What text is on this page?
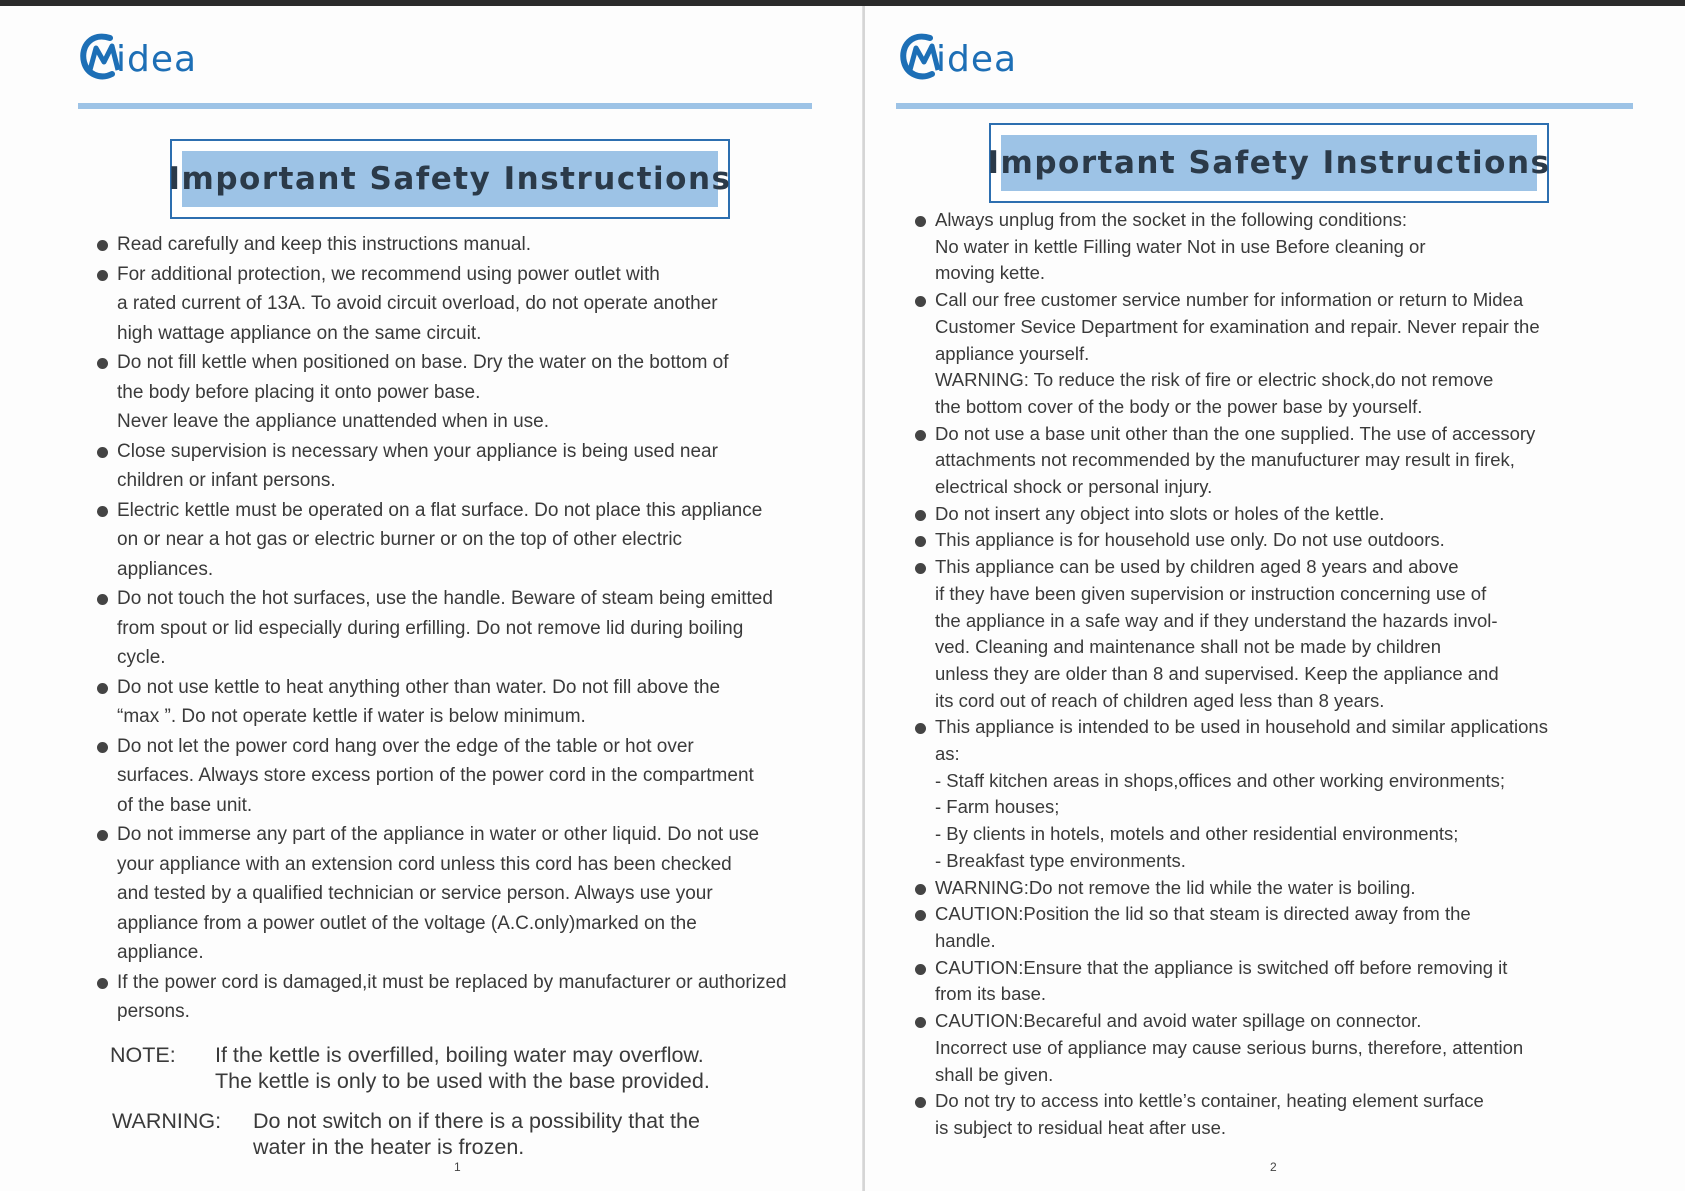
idea
Important Safety Instructions
Read carefully and keep this instructions manual.
For additional protection, we recommend using power outlet with
a rated current of 13A. To avoid circuit overload, do not operate another
high wattage appliance on the same circuit.
Do not fill kettle when positioned on base. Dry the water on the bottom of
the body before placing it onto power base.
Never leave the appliance unattended when in use.
Close supervision is necessary when your appliance is being used near
children or infant persons.
Electric kettle must be operated on a flat surface. Do not place this appliance
on or near a hot gas or electric burner or on the top of other electric
appliances.
Do not touch the hot surfaces, use the handle. Beware of steam being emitted
from spout or lid especially during erfilling. Do not remove lid during boiling
cycle.
Do not use kettle to heat anything other than water. Do not fill above the
“max ”. Do not operate kettle if water is below minimum.
Do not let the power cord hang over the edge of the table or hot over
surfaces. Always store excess portion of the power cord in the compartment
of the base unit.
Do not immerse any part of the appliance in water or other liquid. Do not use
your appliance with an extension cord unless this cord has been checked
and tested by a qualified technician or service person. Always use your
appliance from a power outlet of the voltage (A.C.only)marked on the
appliance.
If the power cord is damaged,it must be replaced by manufacturer or authorized
persons.
NOTE: If the kettle is overfilled, boiling water may overflow.
The kettle is only to be used with the base provided.
WARNING: Do not switch on if there is a possibility that the
water in the heater is frozen.
1
idea
Important Safety Instructions
Always unplug from the socket in the following conditions:
No water in kettle Filling water Not in use Before cleaning or
moving kette.
Call our free customer service number for information or return to Midea
Customer Sevice Department for examination and repair. Never repair the
appliance yourself.
WARNING: To reduce the risk of fire or electric shock,do not remove
the bottom cover of the body or the power base by yourself.
Do not use a base unit other than the one supplied. The use of accessory
attachments not recommended by the manufucturer may result in firek,
electrical shock or personal injury.
Do not insert any object into slots or holes of the kettle.
This appliance is for household use only. Do not use outdoors.
This appliance can be used by children aged 8 years and above
if they have been given supervision or instruction concerning use of
the appliance in a safe way and if they understand the hazards invol-
ved. Cleaning and maintenance shall not be made by children
unless they are older than 8 and supervised. Keep the appliance and
its cord out of reach of children aged less than 8 years.
This appliance is intended to be used in household and similar applications
as:
- Staff kitchen areas in shops,offices and other working environments;
- Farm houses;
- By clients in hotels, motels and other residential environments;
- Breakfast type environments.
WARNING:Do not remove the lid while the water is boiling.
CAUTION:Position the lid so that steam is directed away from the
handle.
CAUTION:Ensure that the appliance is switched off before removing it
from its base.
CAUTION:Becareful and avoid water spillage on connector.
Incorrect use of appliance may cause serious burns, therefore, attention
shall be given.
Do not try to access into kettle’s container, heating element surface
is subject to residual heat after use.
2
